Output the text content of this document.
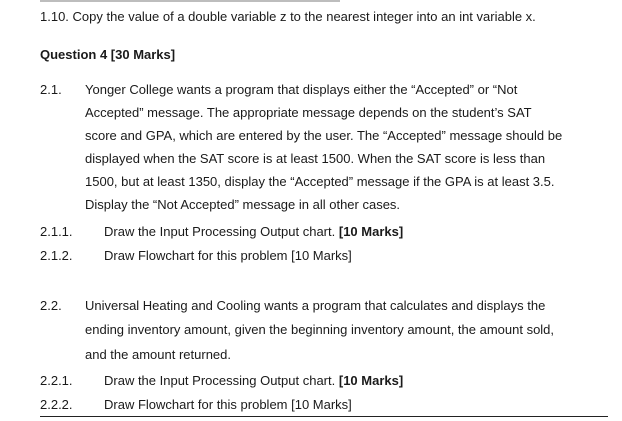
1.10. Copy the value of a double variable z to the nearest integer into an int variable x.
Question 4 [30 Marks]
2.1. Yonger College wants a program that displays either the “Accepted” or “Not
Accepted” message. The appropriate message depends on the student’s SAT
score and GPA, which are entered by the user. The “Accepted” message should be
displayed when the SAT score is at least 1500. When the SAT score is less than
1500, but at least 1350, display the “Accepted” message if the GPA is at least 3.5.
Display the “Not Accepted” message in all other cases.
2.1.1. Draw the Input Processing Output chart. [10 Marks]
2.1.2. Draw Flowchart for this problem [10 Marks]
2.2. Universal Heating and Cooling wants a program that calculates and displays the
ending inventory amount, given the beginning inventory amount, the amount sold,
and the amount returned.
2.2.1. Draw the Input Processing Output chart. [10 Marks]
2.2.2. Draw Flowchart for this problem [10 Marks]
